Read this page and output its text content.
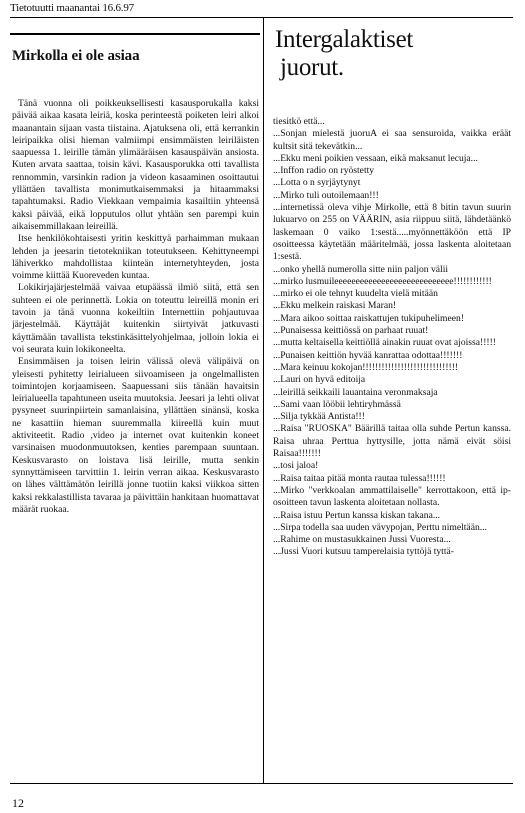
Tietotuutti maanantai 16.6.97
Mirkolla ei ole asiaa
Intergalaktiset
juorut.

Tänä vuonna oli poikkeuksellisesti kasausporukalla kaksi päivää aikaa kasata leiriä, koska perinteestä poiketen leiri alkoi maanantain sijaan vasta tiistaina. Ajatuksena oli, että kerrankin leiripaikka olisi hieman valmiimpi ensimmäisten leiriläisten saapuessa 1. leirille tämän ylimääräisen kasauspäivän ansiosta. Kuten arvata saattaa, toisin kävi. Kasausporukka otti tavallista rennommin, varsinkin radion ja videon kasaaminen osoittautui yllättäen tavallista monimutkaisemmaksi ja hitaammaksi tapahtumaksi. Radio Viekkaan vempaimia kasailtiin yhteensä kaksi päivää, eikä lopputulos ollut yhtään sen parempi kuin aikaisemmillakaan leireillä.

Itse henkilökohtaisesti yritin keskittyä parhaimman mukaan lehden ja jeesarin tietotekniikan toteutukseen. Kehittyneempi lähiverkko mahdollistaa kiinteän internetyhteyden, josta voimme kiittää Kuoreveden kuntaa.

Lokikirjajärjestelmää vaivaa etupäässä ilmiö siitä, että sen suhteen ei ole perinnettä. Lokia on toteuttu leireillä monin eri tavoin ja tänä vuonna kokeiltiin Internettiin pohjautuvaa järjestelmää. Käyttäjät kuitenkin siirtyivät jatkuvasti käyttämään tavallista tekstinkäsittelyohjelmaa, jolloin lokia ei voi seurata kuin lokikoneelta.

Ensimmäisen ja toisen leirin välissä olevä välipäivä on yleisesti pyhitetty leirialueen siivoamiseen ja ongelmallisten toimintojen korjaamiseen. Saapuessani siis tänään havaitsin leirialueella tapahtuneen useita muutoksia. Jeesari ja lehti olivat pysyneet suurinpiirtein samanlaisina, yllättäen sinänsä, koska ne kasattiin hieman suuremmalla kiireellä kuin muut aktiviteetit. Radio ,video ja internet ovat kuitenkin koneet varsinaisen muodonmuutoksen, kenties parempaan suuntaan. Keskusvarasto on loistava lisä leirille, mutta senkin synnyttämiseen tarvittiin 1. leirin verran aikaa. Keskusvarasto on lähes välttämätön leirillä jonne tuotiin kaksi viikkoa sitten kaksi rekkalastillista tavaraa ja päivittäin hankitaan huomattavat määrät ruokaa.

tiesitkö että...

...Sonjan mielestä juoruA ei saa sensuroida, vaikka eräät kultsit sitä tekevätkin...

...Ekku meni poikien vessaan, eikä maksanut lecuja...

...Inffon radio on ryöstetty

...Lotta o n syrjäytynyt

...Mirko tuli outoilemaan!!!

...internetissä oleva vihje Mirkolle, että 8 bitin tavun suurin lukuarvo on 255 on VÄÄRIN, asia riippuu siitä, lähdetäänkö laskemaan 0 vaiko 1:sestä.....myönnettäköön että IP osoitteessa käytetään määritelmää, jossa laskenta aloitetaan 1:sestä.

...onko yhellä numerolla sitte niin paljon välii

...mirko lusmuileeeeeeeeeeeeeeeeeeeeeeeeeeee!!!!!!!!!!!!

...mirko ei ole tehnyt kuudelta vielä mitään

...Ekku melkein raiskasi Maran!

...Mara aikoo soittaa raiskattujen tukipuhelimeen!

...Punaisessa keittiössä on parhaat ruuat!

...mutta keltaisella keittiöllä ainakin ruuat ovat ajoissa!!!!!

...Punaisen keittiön hyvää kanrattaa odottaa!!!!!!!

...Mara keinuu kokojan!!!!!!!!!!!!!!!!!!!!!!!!!!!!!!

...Lauri on hyvä editoija

...leirillä seikkaili lauantaina veronmaksaja

...Sami vaan lööbii lehtiryhmässä

...Silja tykkää Antista!!!

...Raisa "RUOSKA" Bäärillä taitaa olla suhde Pertun kanssa. Raisa uhraa Perttua hyttysille, jotta nämä eivät söisi Raisaa!!!!!!!

...tosi jaloa!

...Raisa taitaa pitää monta rautaa tulessa!!!!!!

...Mirko "verkkoalan ammattilaiselle" kerrottakoon, että ip-osoitteen tavun laskenta aloitetaan nollasta.

...Raisa istuu Pertun kanssa kiskan takana...

...Sirpa todella saa uuden vävypojan, Perttu nimeltään...

...Rahime on mustasukkainen Jussi Vuoresta...

...Jussi Vuori kutsuu tamperelaisia tyttöjä tyttä-

12
